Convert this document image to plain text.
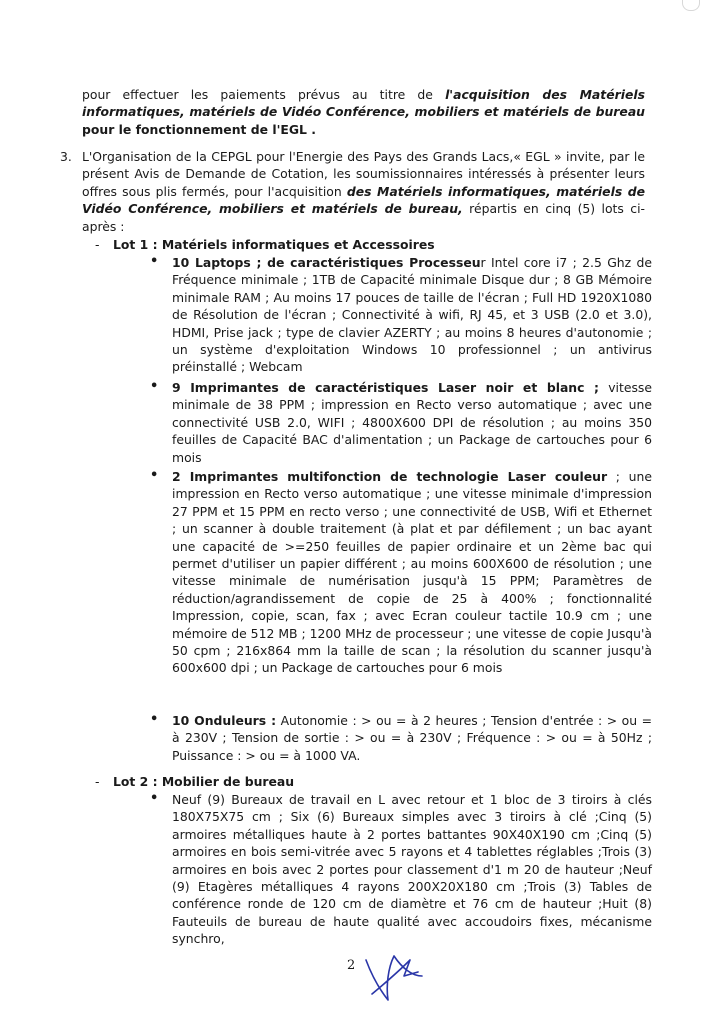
pour effectuer les paiements prévus au titre de l'acquisition des Matériels informatiques, matériels de Vidéo Conférence, mobiliers et matériels de bureau pour le fonctionnement de l'EGL .
3. L'Organisation de la CEPGL pour l'Energie des Pays des Grands Lacs,« EGL » invite, par le présent Avis de Demande de Cotation, les soumissionnaires intéressés à présenter leurs offres sous plis fermés, pour l'acquisition des Matériels informatiques, matériels de Vidéo Conférence, mobiliers et matériels de bureau, répartis en cinq (5) lots ci-après :
- Lot 1 : Matériels informatiques et Accessoires
• 10 Laptops ; de caractéristiques Processeur Intel core i7 ; 2.5 Ghz de Fréquence minimale ; 1TB de Capacité minimale Disque dur ; 8 GB Mémoire minimale RAM ; Au moins 17 pouces de taille de l'écran ; Full HD 1920X1080 de Résolution de l'écran ; Connectivité à wifi, RJ 45, et 3 USB (2.0 et 3.0), HDMI, Prise jack ; type de clavier AZERTY ; au moins 8 heures d'autonomie ; un système d'exploitation Windows 10 professionnel ; un antivirus préinstallé ; Webcam
• 9 Imprimantes de caractéristiques Laser noir et blanc ; vitesse minimale de 38 PPM ; impression en Recto verso automatique ; avec une connectivité USB 2.0, WIFI ; 4800X600 DPI de résolution ; au moins 350 feuilles de Capacité BAC d'alimentation ; un Package de cartouches pour 6 mois
• 2 Imprimantes multifonction de technologie Laser couleur ; une impression en Recto verso automatique ; une vitesse minimale d'impression 27 PPM et 15 PPM en recto verso ; une connectivité de USB, Wifi et Ethernet ; un scanner à double traitement (à plat et par défilement ; un bac ayant une capacité de >=250 feuilles de papier ordinaire et un 2ème bac qui permet d'utiliser un papier différent ; au moins 600X600 de résolution ; une vitesse minimale de numérisation jusqu'à 15 PPM; Paramètres de réduction/agrandissement de copie de 25 à 400% ; fonctionnalité Impression, copie, scan, fax ; avec Ecran couleur tactile 10.9 cm ; une mémoire de 512 MB ; 1200 MHz de processeur ; une vitesse de copie Jusqu'à 50 cpm ; 216x864 mm la taille de scan ; la résolution du scanner jusqu'à 600x600 dpi ; un Package de cartouches pour 6 mois
• 10 Onduleurs : Autonomie : > ou = à 2 heures ; Tension d'entrée : > ou = à 230V ; Tension de sortie : > ou = à 230V ; Fréquence : > ou = à 50Hz ; Puissance : > ou = à 1000 VA.
- Lot 2 : Mobilier de bureau
• Neuf (9) Bureaux de travail en L avec retour et 1 bloc de 3 tiroirs à clés 180X75X75 cm ; Six (6) Bureaux simples avec 3 tiroirs à clé ;Cinq (5) armoires métalliques haute à 2 portes battantes 90X40X190 cm ;Cinq (5) armoires en bois semi-vitrée avec 5 rayons et 4 tablettes réglables ;Trois (3) armoires en bois avec 2 portes pour classement d'1 m 20 de hauteur ;Neuf (9) Etagères métalliques 4 rayons 200X20X180 cm ;Trois (3) Tables de conférence ronde de 120 cm de diamètre et 76 cm de hauteur ;Huit (8) Fauteuils de bureau de haute qualité avec accoudoirs fixes, mécanisme synchro,
2
